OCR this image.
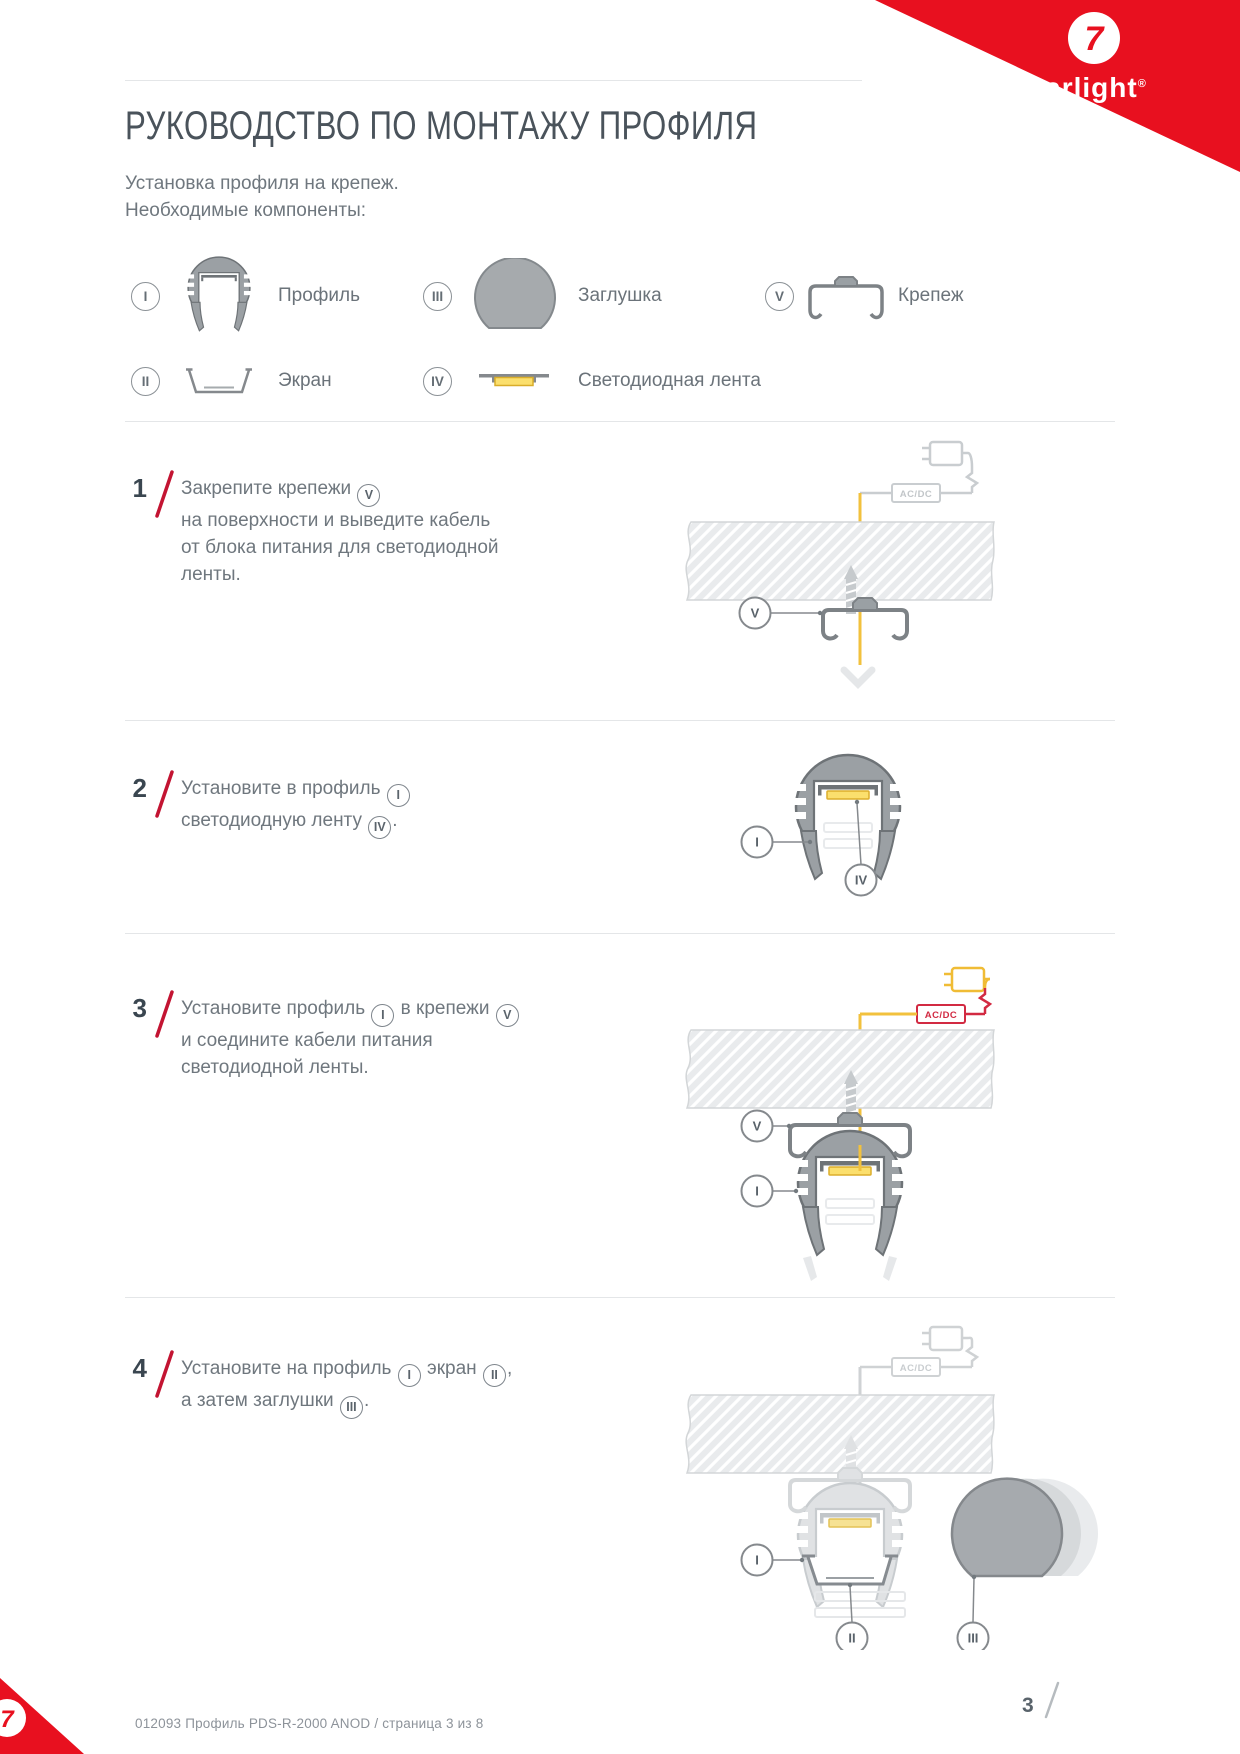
7
arlight®
РУКОВОДСТВО ПО МОНТАЖУ ПРОФИЛЯ
Установка профиля на крепеж.
Необходимые компоненты:
I	Профиль	III	Заглушка	V	Крепеж
II	Экран	IV	Светодиодная лента
1 Закрепите крепежи V
на поверхности и выведите кабель
от блока питания для светодиодной
ленты.
AC/DC
V
2 Установите в профиль I
светодиодную ленту IV .
I
IV
3 Установите профиль I в крепежи V
и соедините кабели питания
светодиодной ленты.
AC/DC
V
I
4 Установите на профиль I экран II ,
а затем заглушки III .
AC/DC
I
II	III
7	012093 Профиль PDS-R-2000 ANOD / страница 3 из 8
3
